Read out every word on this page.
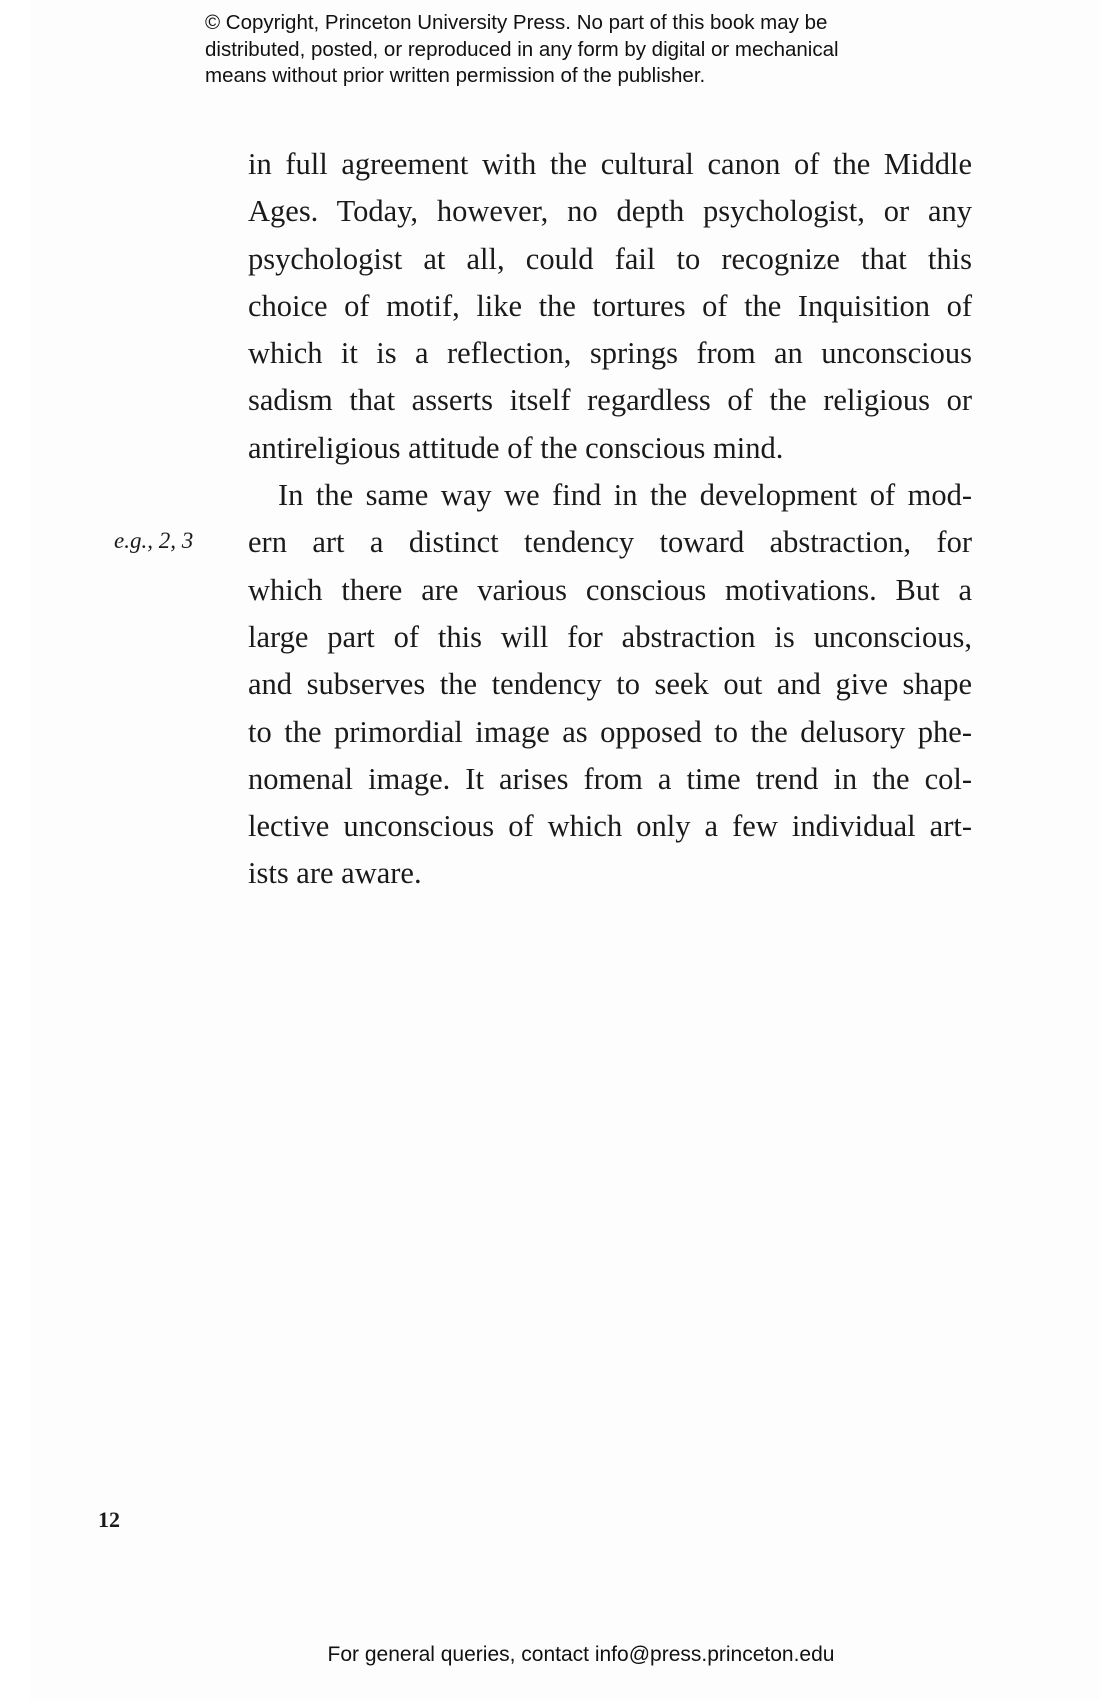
© Copyright, Princeton University Press. No part of this book may be
distributed, posted, or reproduced in any form by digital or mechanical
means without prior written permission of the publisher.
in full agreement with the cultural canon of the Middle
Ages. Today, however, no depth psychologist, or any
psychologist at all, could fail to recognize that this
choice of motif, like the tortures of the Inquisition of
which it is a reflection, springs from an unconscious
sadism that asserts itself regardless of the religious or
antireligious attitude of the conscious mind.
In the same way we find in the development of mod-
ern art a distinct tendency toward abstraction, for
which there are various conscious motivations. But a
large part of this will for abstraction is unconscious,
and subserves the tendency to seek out and give shape
to the primordial image as opposed to the delusory phe-
nomenal image. It arises from a time trend in the col-
lective unconscious of which only a few individual art-
ists are aware.
e.g., 2, 3
12
For general queries, contact info@press.princeton.edu
